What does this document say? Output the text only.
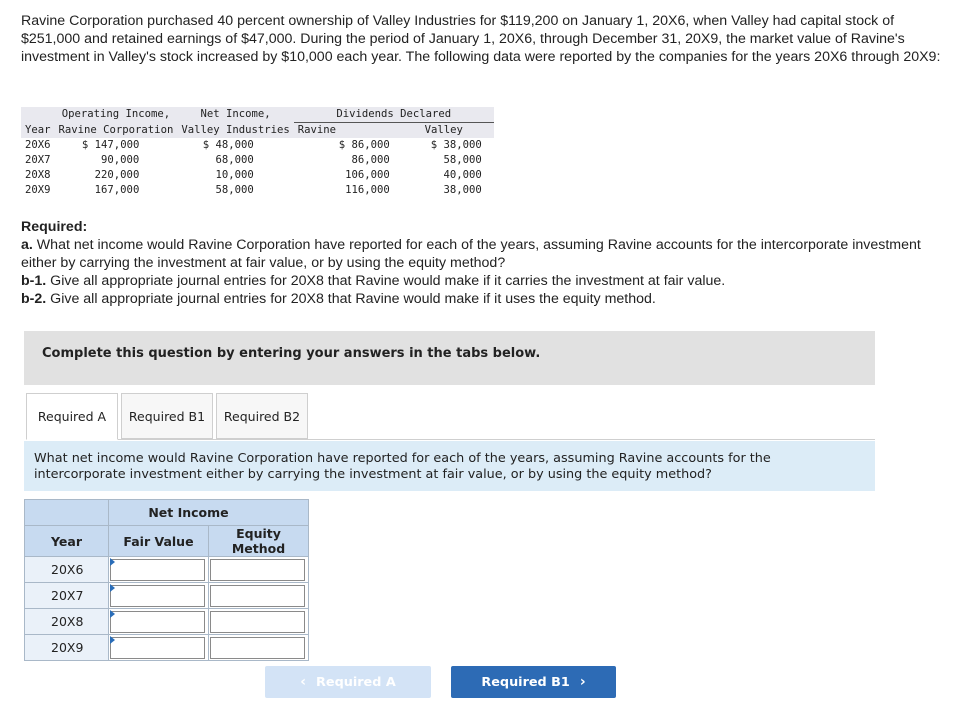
Ravine Corporation purchased 40 percent ownership of Valley Industries for $119,200 on January 1, 20X6, when Valley had capital stock of $251,000 and retained earnings of $47,000. During the period of January 1, 20X6, through December 31, 20X9, the market value of Ravine's investment in Valley's stock increased by $10,000 each year. The following data were reported by the companies for the years 20X6 through 20X9:
	Operating Income,	Net Income,	Dividends Declared	
Year	Ravine Corporation	Valley Industries	Ravine	Valley
20X6	$ 147,000	$ 48,000	$ 86,000	$ 38,000
20X7	90,000	68,000	86,000	58,000
20X8	220,000	10,000	106,000	40,000
20X9	167,000	58,000	116,000	38,000
Required:
a. What net income would Ravine Corporation have reported for each of the years, assuming Ravine accounts for the intercorporate investment either by carrying the investment at fair value, or by using the equity method?
b-1. Give all appropriate journal entries for 20X8 that Ravine would make if it carries the investment at fair value.
b-2. Give all appropriate journal entries for 20X8 that Ravine would make if it uses the equity method.
Complete this question by entering your answers in the tabs below.
Required A	Required B1	Required B2
What net income would Ravine Corporation have reported for each of the years, assuming Ravine accounts for the intercorporate investment either by carrying the investment at fair value, or by using the equity method?
	Net Income	
Year	Fair Value	Equity Method
20X6	

20X7	

20X8	

20X9	

‹ Required A	Required B1 ›
